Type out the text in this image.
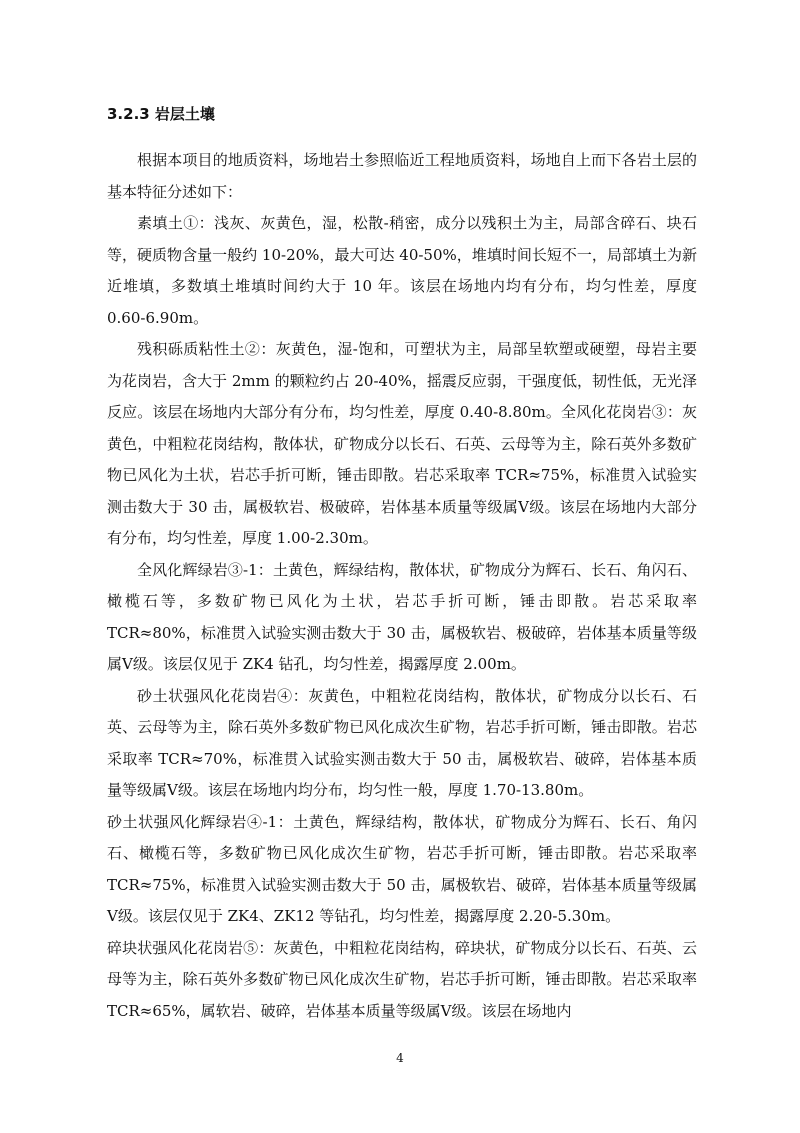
3.2.3 岩层土壤

根据本项目的地质资料，场地岩土参照临近工程地质资料，场地自上而下各岩土层的基本特征分述如下：

素填土①：浅灰、灰黄色，湿，松散-稍密，成分以残积土为主，局部含碎石、块石等，硬质物含量一般约 10-20%，最大可达 40-50%，堆填时间长短不一，局部填土为新近堆填，多数填土堆填时间约大于 10 年。该层在场地内均有分布，均匀性差，厚度 0.60-6.90m。

残积砾质粘性土②：灰黄色，湿-饱和，可塑状为主，局部呈软塑或硬塑，母岩主要为花岗岩，含大于 2mm 的颗粒约占 20-40%，摇震反应弱，干强度低，韧性低，无光泽反应。该层在场地内大部分有分布，均匀性差，厚度 0.40-8.80m。全风化花岗岩③：灰黄色，中粗粒花岗结构，散体状，矿物成分以长石、石英、云母等为主，除石英外多数矿物已风化为土状，岩芯手折可断，锤击即散。岩芯采取率 TCR≈75%，标准贯入试验实测击数大于 30 击，属极软岩、极破碎，岩体基本质量等级属Ⅴ级。该层在场地内大部分有分布，均匀性差，厚度 1.00-2.30m。

全风化辉绿岩③-1：土黄色，辉绿结构，散体状，矿物成分为辉石、长石、角闪石、橄榄石等，多数矿物已风化为土状，岩芯手折可断，锤击即散。岩芯采取率 TCR≈80%，标准贯入试验实测击数大于 30 击，属极软岩、极破碎，岩体基本质量等级属Ⅴ级。该层仅见于 ZK4 钻孔，均匀性差，揭露厚度 2.00m。

砂土状强风化花岗岩④：灰黄色，中粗粒花岗结构，散体状，矿物成分以长石、石英、云母等为主，除石英外多数矿物已风化成次生矿物，岩芯手折可断，锤击即散。岩芯采取率 TCR≈70%，标准贯入试验实测击数大于 50 击，属极软岩、破碎，岩体基本质量等级属Ⅴ级。该层在场地内均分布，均匀性一般，厚度 1.70-13.80m。

砂土状强风化辉绿岩④-1：土黄色，辉绿结构，散体状，矿物成分为辉石、长石、角闪石、橄榄石等，多数矿物已风化成次生矿物，岩芯手折可断，锤击即散。岩芯采取率 TCR≈75%，标准贯入试验实测击数大于 50 击，属极软岩、破碎，岩体基本质量等级属Ⅴ级。该层仅见于 ZK4、ZK12 等钻孔，均匀性差，揭露厚度 2.20-5.30m。

碎块状强风化花岗岩⑤：灰黄色，中粗粒花岗结构，碎块状，矿物成分以长石、石英、云母等为主，除石英外多数矿物已风化成次生矿物，岩芯手折可断，锤击即散。岩芯采取率 TCR≈65%，属软岩、破碎，岩体基本质量等级属Ⅴ级。该层在场地内

4
